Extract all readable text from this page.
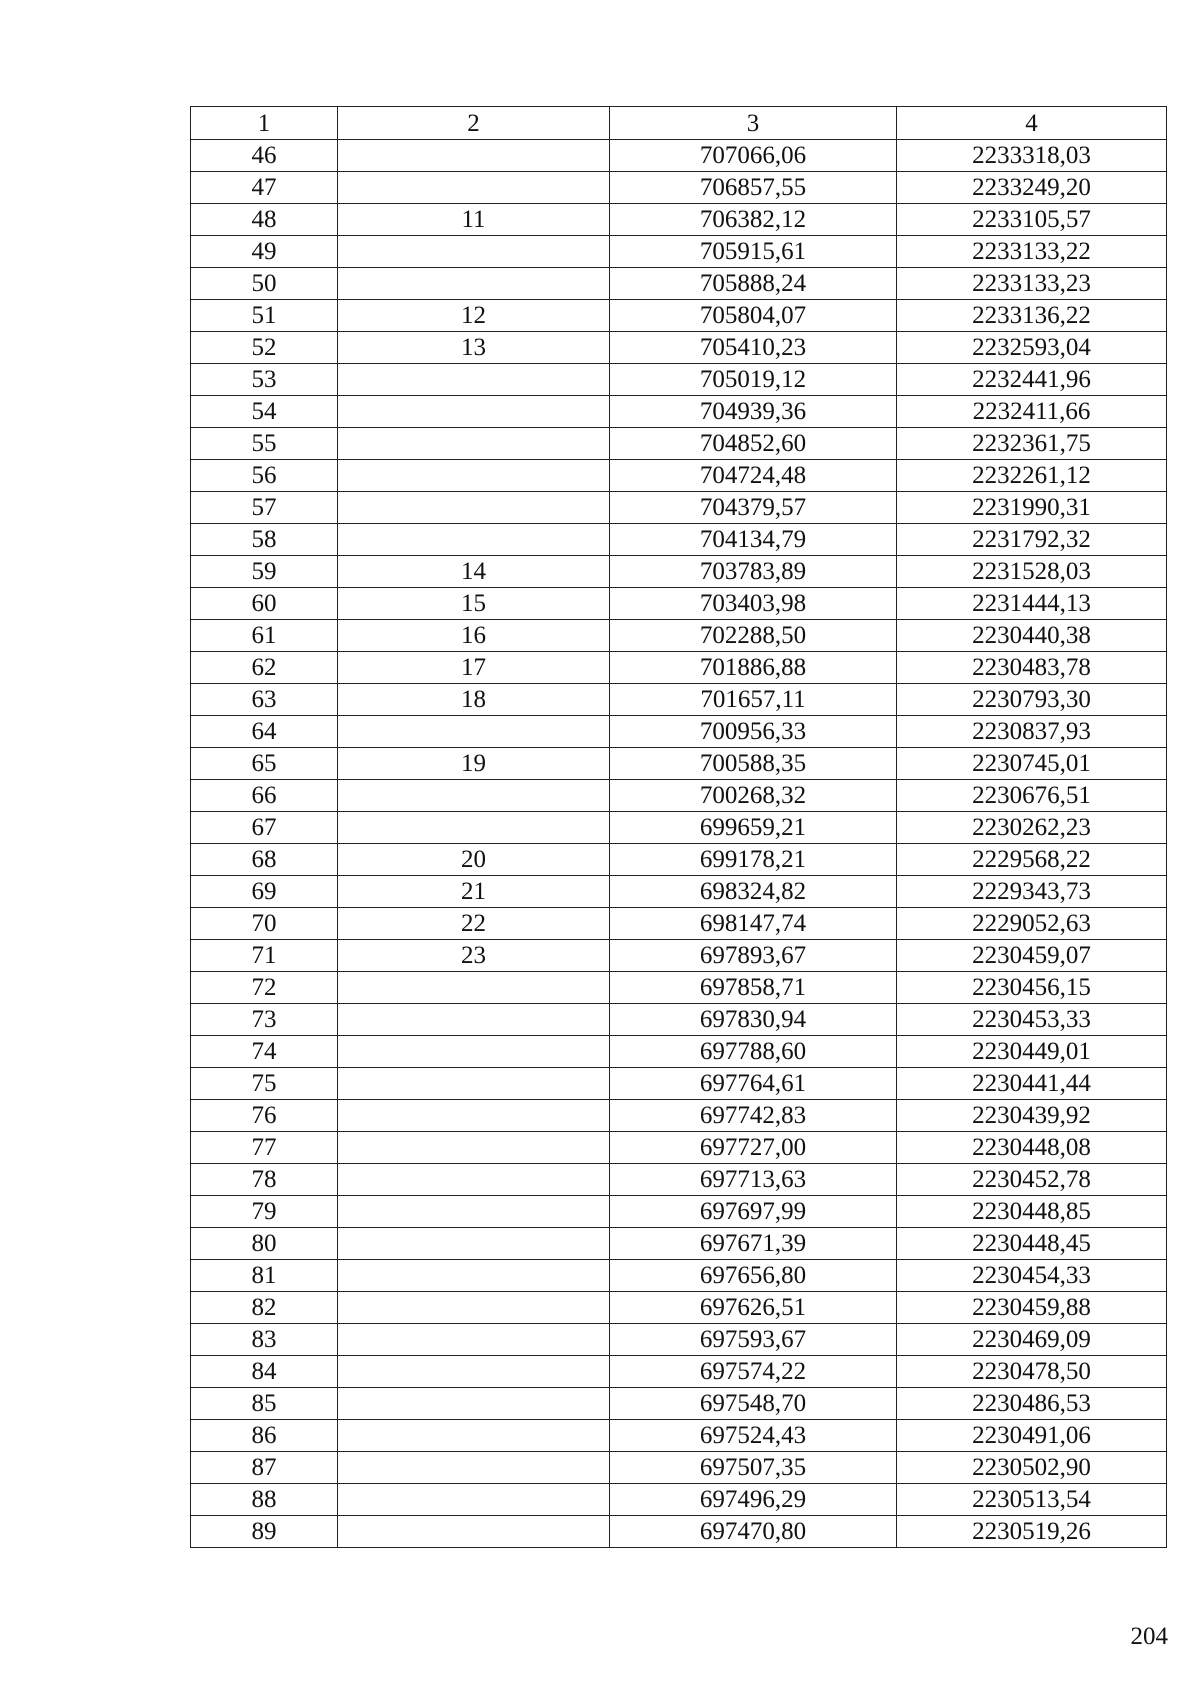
1	2	3	4
46		707066,06	2233318,03
47		706857,55	2233249,20
48	11	706382,12	2233105,57
49		705915,61	2233133,22
50		705888,24	2233133,23
51	12	705804,07	2233136,22
52	13	705410,23	2232593,04
53		705019,12	2232441,96
54		704939,36	2232411,66
55		704852,60	2232361,75
56		704724,48	2232261,12
57		704379,57	2231990,31
58		704134,79	2231792,32
59	14	703783,89	2231528,03
60	15	703403,98	2231444,13
61	16	702288,50	2230440,38
62	17	701886,88	2230483,78
63	18	701657,11	2230793,30
64		700956,33	2230837,93
65	19	700588,35	2230745,01
66		700268,32	2230676,51
67		699659,21	2230262,23
68	20	699178,21	2229568,22
69	21	698324,82	2229343,73
70	22	698147,74	2229052,63
71	23	697893,67	2230459,07
72		697858,71	2230456,15
73		697830,94	2230453,33
74		697788,60	2230449,01
75		697764,61	2230441,44
76		697742,83	2230439,92
77		697727,00	2230448,08
78		697713,63	2230452,78
79		697697,99	2230448,85
80		697671,39	2230448,45
81		697656,80	2230454,33
82		697626,51	2230459,88
83		697593,67	2230469,09
84		697574,22	2230478,50
85		697548,70	2230486,53
86		697524,43	2230491,06
87		697507,35	2230502,90
88		697496,29	2230513,54
89		697470,80	2230519,26
204
